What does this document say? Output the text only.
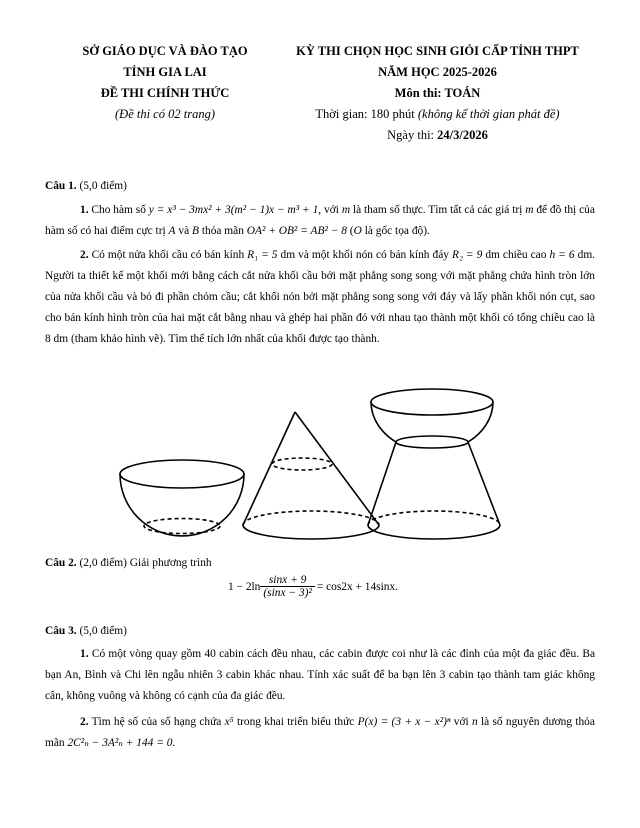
SỞ GIÁO DỤC VÀ ĐÀO TẠO
TỈNH GIA LAI
ĐỀ THI CHÍNH THỨC
(Đề thi có 02 trang)
KỲ THI CHỌN HỌC SINH GIỎI CẤP TỈNH THPT
NĂM HỌC 2025-2026
Môn thi: TOÁN
Thời gian: 180 phút (không kể thời gian phát đề)
Ngày thi: 24/3/2026
Câu 1. (5,0 điểm)
1. Cho hàm số y = x³ − 3mx² + 3(m² − 1)x − m³ + 1, với m là tham số thực. Tìm tất cả các giá trị m để đồ thị của hàm số có hai điểm cực trị A và B thỏa mãn OA² + OB² = AB² − 8 (O là gốc tọa độ).
2. Có một nửa khối cầu có bán kính R₁ = 5 dm và một khối nón có bán kính đáy R₂ = 9 dm chiều cao h = 6 dm. Người ta thiết kế một khối mới bằng cách cắt nửa khối cầu bởi mặt phẳng song song với mặt phẳng chứa hình tròn lớn của nửa khối cầu và bỏ đi phần chỏm cầu; cắt khối nón bởi mặt phẳng song song với đáy và lấy phần khối nón cụt, sao cho bán kính hình tròn của hai mặt cắt bằng nhau và ghép hai phần đó với nhau tạo thành một khối có tổng chiều cao là 8 dm (tham khảo hình vẽ). Tìm thể tích lớn nhất của khối được tạo thành.
Câu 2. (2,0 điểm) Giải phương trình
$1 - 2\ln \frac{\sin x + 9}{\text{(sinx − 3)²}} = \cos 2x + 14\sin x$.
Câu 3. (5,0 điểm)
1. Có một vòng quay gồm 40 cabin cách đều nhau, các cabin được coi như là các đỉnh của một đa giác đều. Ba bạn An, Bình và Chi lên ngẫu nhiên 3 cabin khác nhau. Tính xác suất để ba bạn lên 3 cabin tạo thành tam giác không cân, không vuông và không có cạnh của đa giác đều.
2. Tìm hệ số của số hạng chứa x⁵ trong khai triển biểu thức P(x) = (3 + x − x²)ⁿ với n là số nguyên dương thỏa mãn 2C²ₙ − 3A²ₙ + 144 = 0.
